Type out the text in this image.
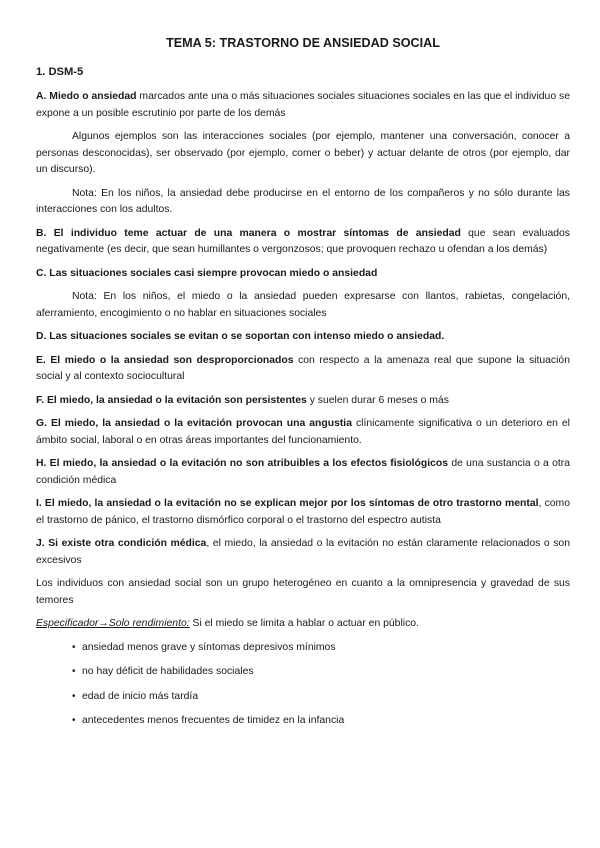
TEMA 5: TRASTORNO DE ANSIEDAD SOCIAL
1. DSM-5

A. Miedo o ansiedad marcados ante una o más situaciones sociales situaciones sociales en las que el individuo se expone a un posible escrutinio por parte de los demás

Algunos ejemplos son las interacciones sociales (por ejemplo, mantener una conversación, conocer a personas desconocidas), ser observado (por ejemplo, comer o beber) y actuar delante de otros (por ejemplo, dar un discurso).

Nota: En los niños, la ansiedad debe producirse en el entorno de los compañeros y no sólo durante las interacciones con los adultos.

B. El individuo teme actuar de una manera o mostrar síntomas de ansiedad que sean evaluados negativamente (es decir, que sean humillantes o vergonzosos; que provoquen rechazo u ofendan a los demás)

C. Las situaciones sociales casi siempre provocan miedo o ansiedad

Nota: En los niños, el miedo o la ansiedad pueden expresarse con llantos, rabietas, congelación, aferramiento, encogimiento o no hablar en situaciones sociales

D. Las situaciones sociales se evitan o se soportan con intenso miedo o ansiedad.

E. El miedo o la ansiedad son desproporcionados con respecto a la amenaza real que supone la situación social y al contexto sociocultural

F. El miedo, la ansiedad o la evitación son persistentes y suelen durar 6 meses o más

G. El miedo, la ansiedad o la evitación provocan una angustia clínicamente significativa o un deterioro en el ámbito social, laboral o en otras áreas importantes del funcionamiento.

H. El miedo, la ansiedad o la evitación no son atribuibles a los efectos fisiológicos de una sustancia o a otra condición médica

I. El miedo, la ansiedad o la evitación no se explican mejor por los síntomas de otro trastorno mental, como el trastorno de pánico, el trastorno dismórfico corporal o el trastorno del espectro autista

J. Si existe otra condición médica, el miedo, la ansiedad o la evitación no están claramente relacionados o son excesivos

Los individuos con ansiedad social son un grupo heterogéneo en cuanto a la omnipresencia y gravedad de sus temores

Especificador→Solo rendimiento: Si el miedo se limita a hablar o actuar en público.

• ansiedad menos grave y síntomas depresivos mínimos
• no hay déficit de habilidades sociales
• edad de inicio más tardía
• antecedentes menos frecuentes de timidez en la infancia
